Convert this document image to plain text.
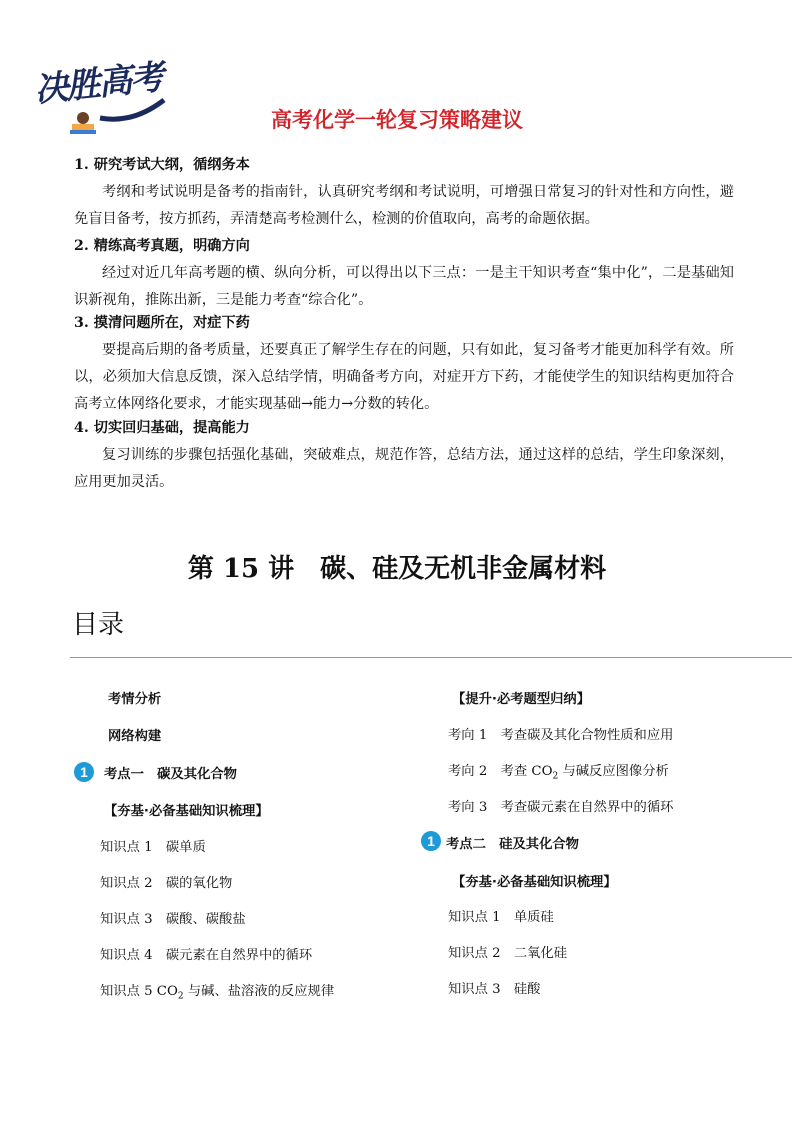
决胜高考
高考化学一轮复习策略建议
1. 研究考试大纲，循纲务本
考纲和考试说明是备考的指南针，认真研究考纲和考试说明，可增强日常复习的针对性和方向性，避免盲目备考，按方抓药，弄清楚高考检测什么，检测的价值取向，高考的命题依据。
2. 精练高考真题，明确方向
经过对近几年高考题的横、纵向分析，可以得出以下三点：一是主干知识考查“集中化”，二是基础知识新视角，推陈出新，三是能力考查“综合化”。
3. 摸清问题所在，对症下药
要提高后期的备考质量，还要真正了解学生存在的问题，只有如此，复习备考才能更加科学有效。所以，必须加大信息反馈，深入总结学情，明确备考方向，对症开方下药，才能使学生的知识结构更加符合高考立体网络化要求，才能实现基础→能力→分数的转化。
4. 切实回归基础，提高能力
复习训练的步骤包括强化基础，突破难点，规范作答，总结方法，通过这样的总结，学生印象深刻，应用更加灵活。
第 15 讲　碳、硅及无机非金属材料
目录
考情分析
网络构建
1	考点一　碳及其化合物
【夯基·必备基础知识梳理】
知识点 1　碳单质
知识点 2　碳的氧化物
知识点 3　碳酸、碳酸盐
知识点 4　碳元素在自然界中的循环
知识点 5 $CO_2$ 与碱、盐溶液的反应规律
【提升·必考题型归纳】
考向 1　考查碳及其化合物性质和应用
考向 2　考查 $CO_2$ 与碱反应图像分析
考向 3　考查碳元素在自然界中的循环
1 考点二　硅及其化合物
【夯基·必备基础知识梳理】
知识点 1　单质硅
知识点 2　二氧化硅
知识点 3　硅酸
